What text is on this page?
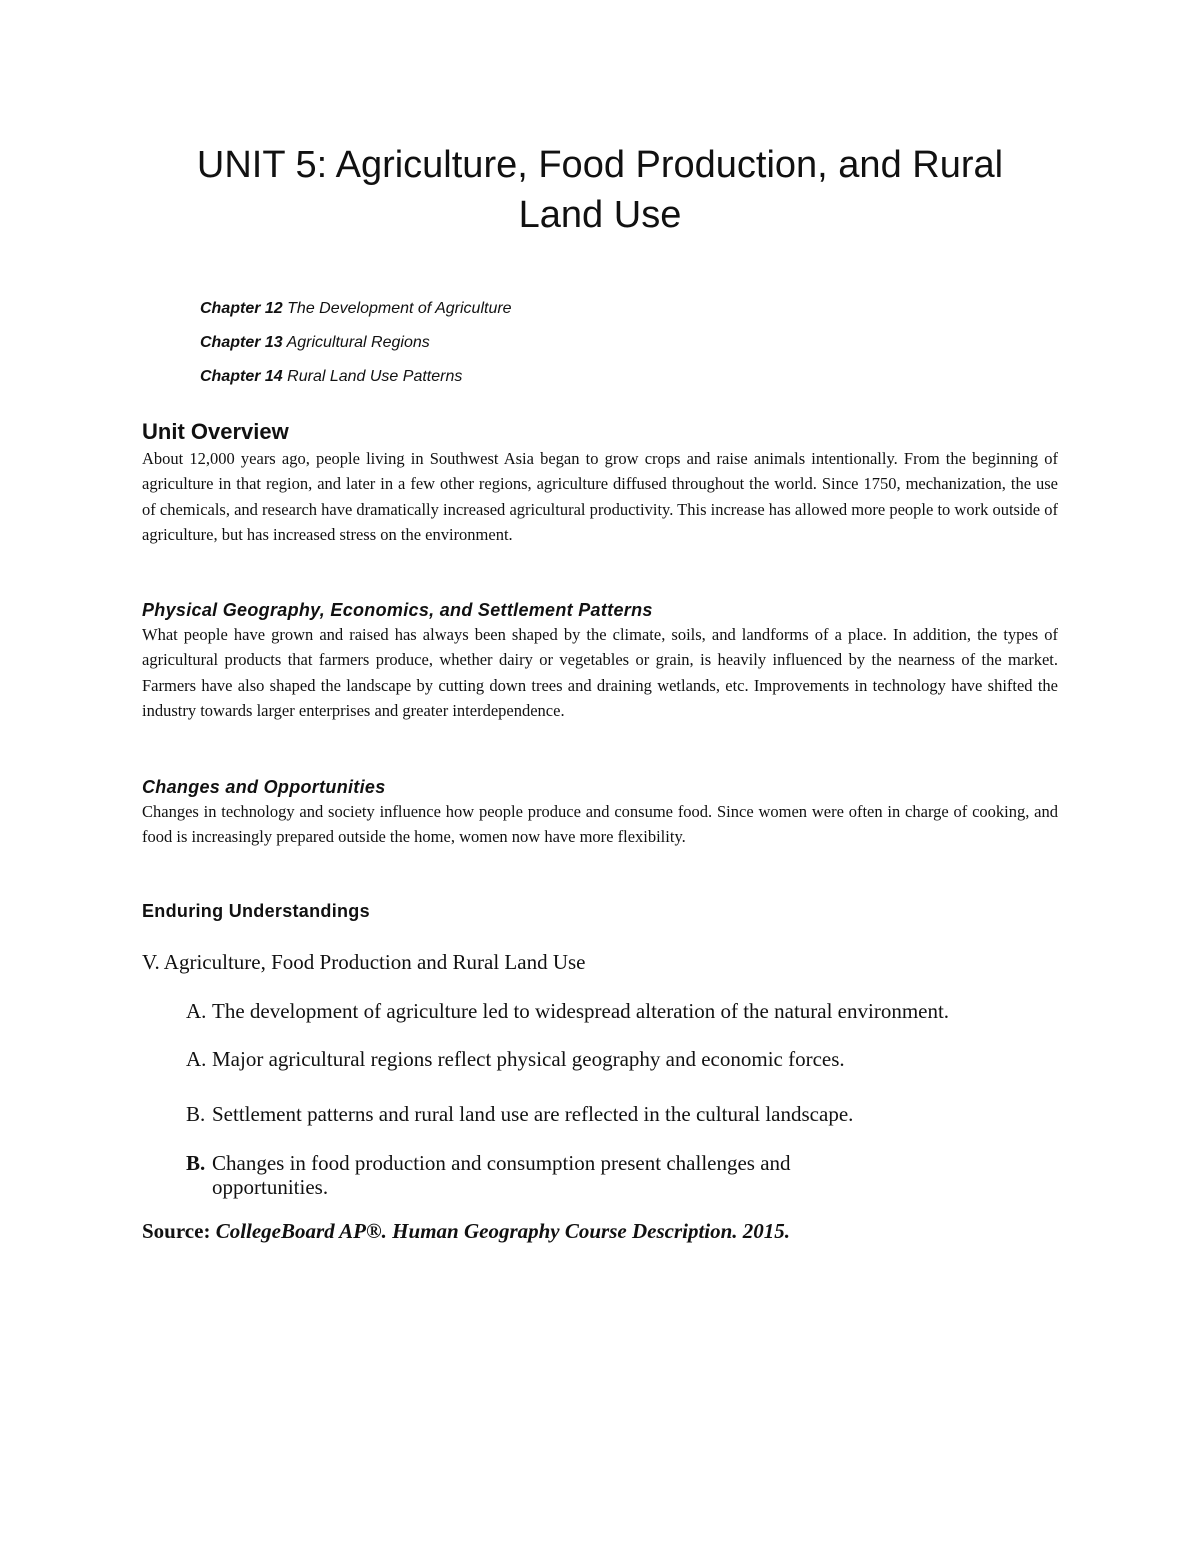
UNIT 5: Agriculture, Food Production, and Rural
Land Use
Chapter 12 The Development of Agriculture
Chapter 13 Agricultural Regions
Chapter 14 Rural Land Use Patterns
Unit Overview

About 12,000 years ago, people living in Southwest Asia began to grow crops and raise animals intentionally. From the beginning of agriculture in that region, and later in a few other regions, agriculture diffused throughout the world. Since 1750, mechanization, the use of chemicals, and research have dramatically increased agricultural productivity. This increase has allowed more people to work outside of agriculture, but has increased stress on the environment.

Physical Geography, Economics, and Settlement Patterns

What people have grown and raised has always been shaped by the climate, soils, and landforms of a place. In addition, the types of agricultural products that farmers produce, whether dairy or vegetables or grain, is heavily influenced by the nearness of the market. Farmers have also shaped the landscape by cutting down trees and draining wetlands, etc. Improvements in technology have shifted the industry towards larger enterprises and greater interdependence.

Changes and Opportunities

Changes in technology and society influence how people produce and consume food. Since women were often in charge of cooking, and food is increasingly prepared outside the home, women now have more flexibility.

Enduring Understandings
V. Agriculture, Food Production and Rural Land Use
A. The development of agriculture led to widespread alteration of the natural environment.
A. Major agricultural regions reflect physical geography and economic forces.
B. Settlement patterns and rural land use are reflected in the cultural landscape.
B. Changes in food production and consumption present challenges and
opportunities.
Source: CollegeBoard AP®. Human Geography Course Description. 2015.
